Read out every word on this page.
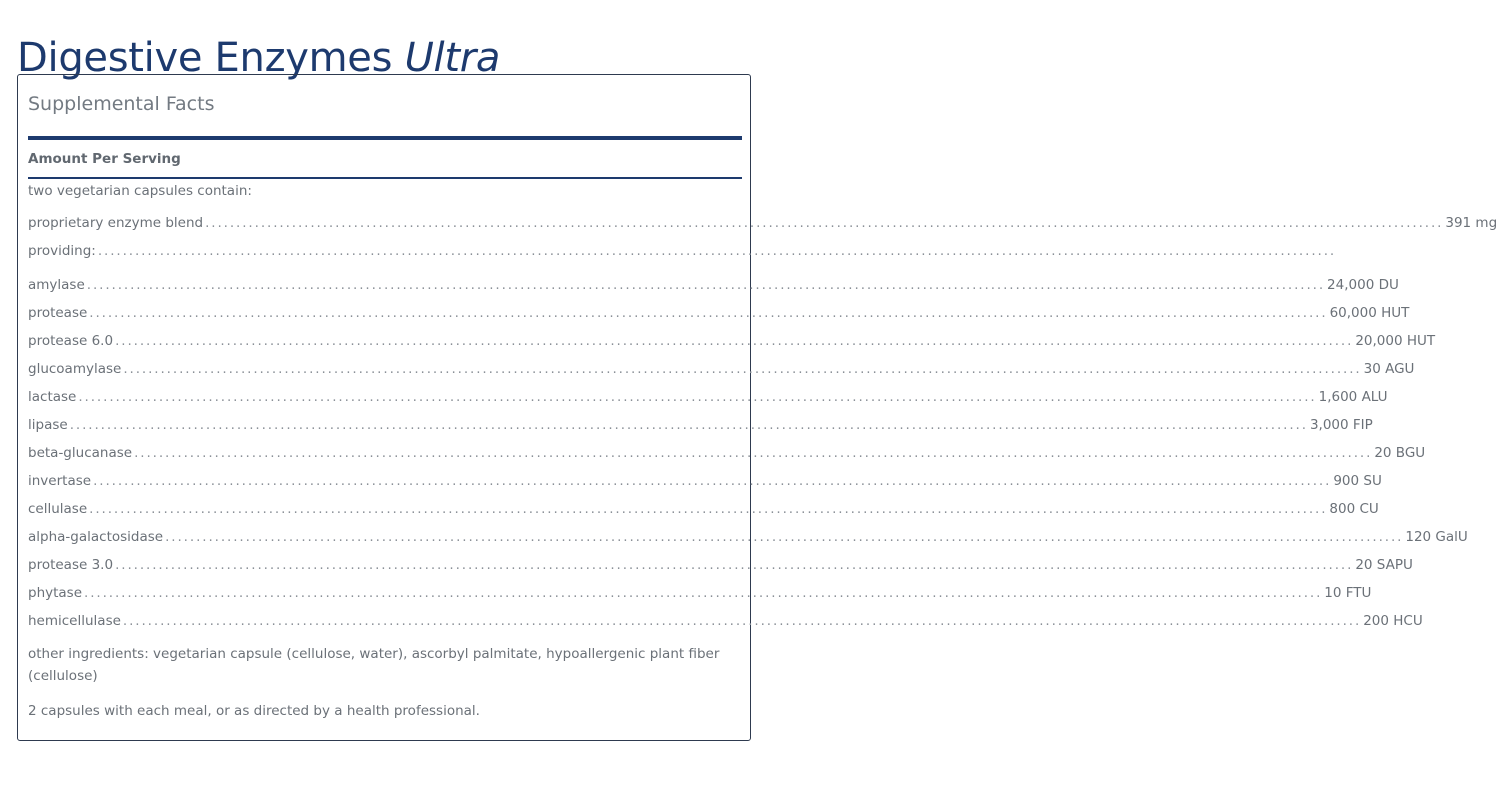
Digestive Enzymes Ultra
Supplemental Facts
Amount Per Serving
two vegetarian capsules contain:
proprietary enzyme blend ........................................................................................................................................................................................................ 391 mg
providing: ........................................................................................................................................................................................................
amylase ........................................................................................................................................................................................................ 24,000 DU
protease ........................................................................................................................................................................................................ 60,000 HUT
protease 6.0 ........................................................................................................................................................................................................ 20,000 HUT
glucoamylase ........................................................................................................................................................................................................ 30 AGU
lactase ........................................................................................................................................................................................................ 1,600 ALU
lipase ........................................................................................................................................................................................................ 3,000 FIP
beta-glucanase ........................................................................................................................................................................................................ 20 BGU
invertase ........................................................................................................................................................................................................ 900 SU
cellulase ........................................................................................................................................................................................................ 800 CU
alpha-galactosidase ........................................................................................................................................................................................................ 120 GalU
protease 3.0 ........................................................................................................................................................................................................ 20 SAPU
phytase ........................................................................................................................................................................................................ 10 FTU
hemicellulase ........................................................................................................................................................................................................ 200 HCU
other ingredients: vegetarian capsule (cellulose, water), ascorbyl palmitate, hypoallergenic plant fiber (cellulose)
2 capsules with each meal, or as directed by a health professional.
